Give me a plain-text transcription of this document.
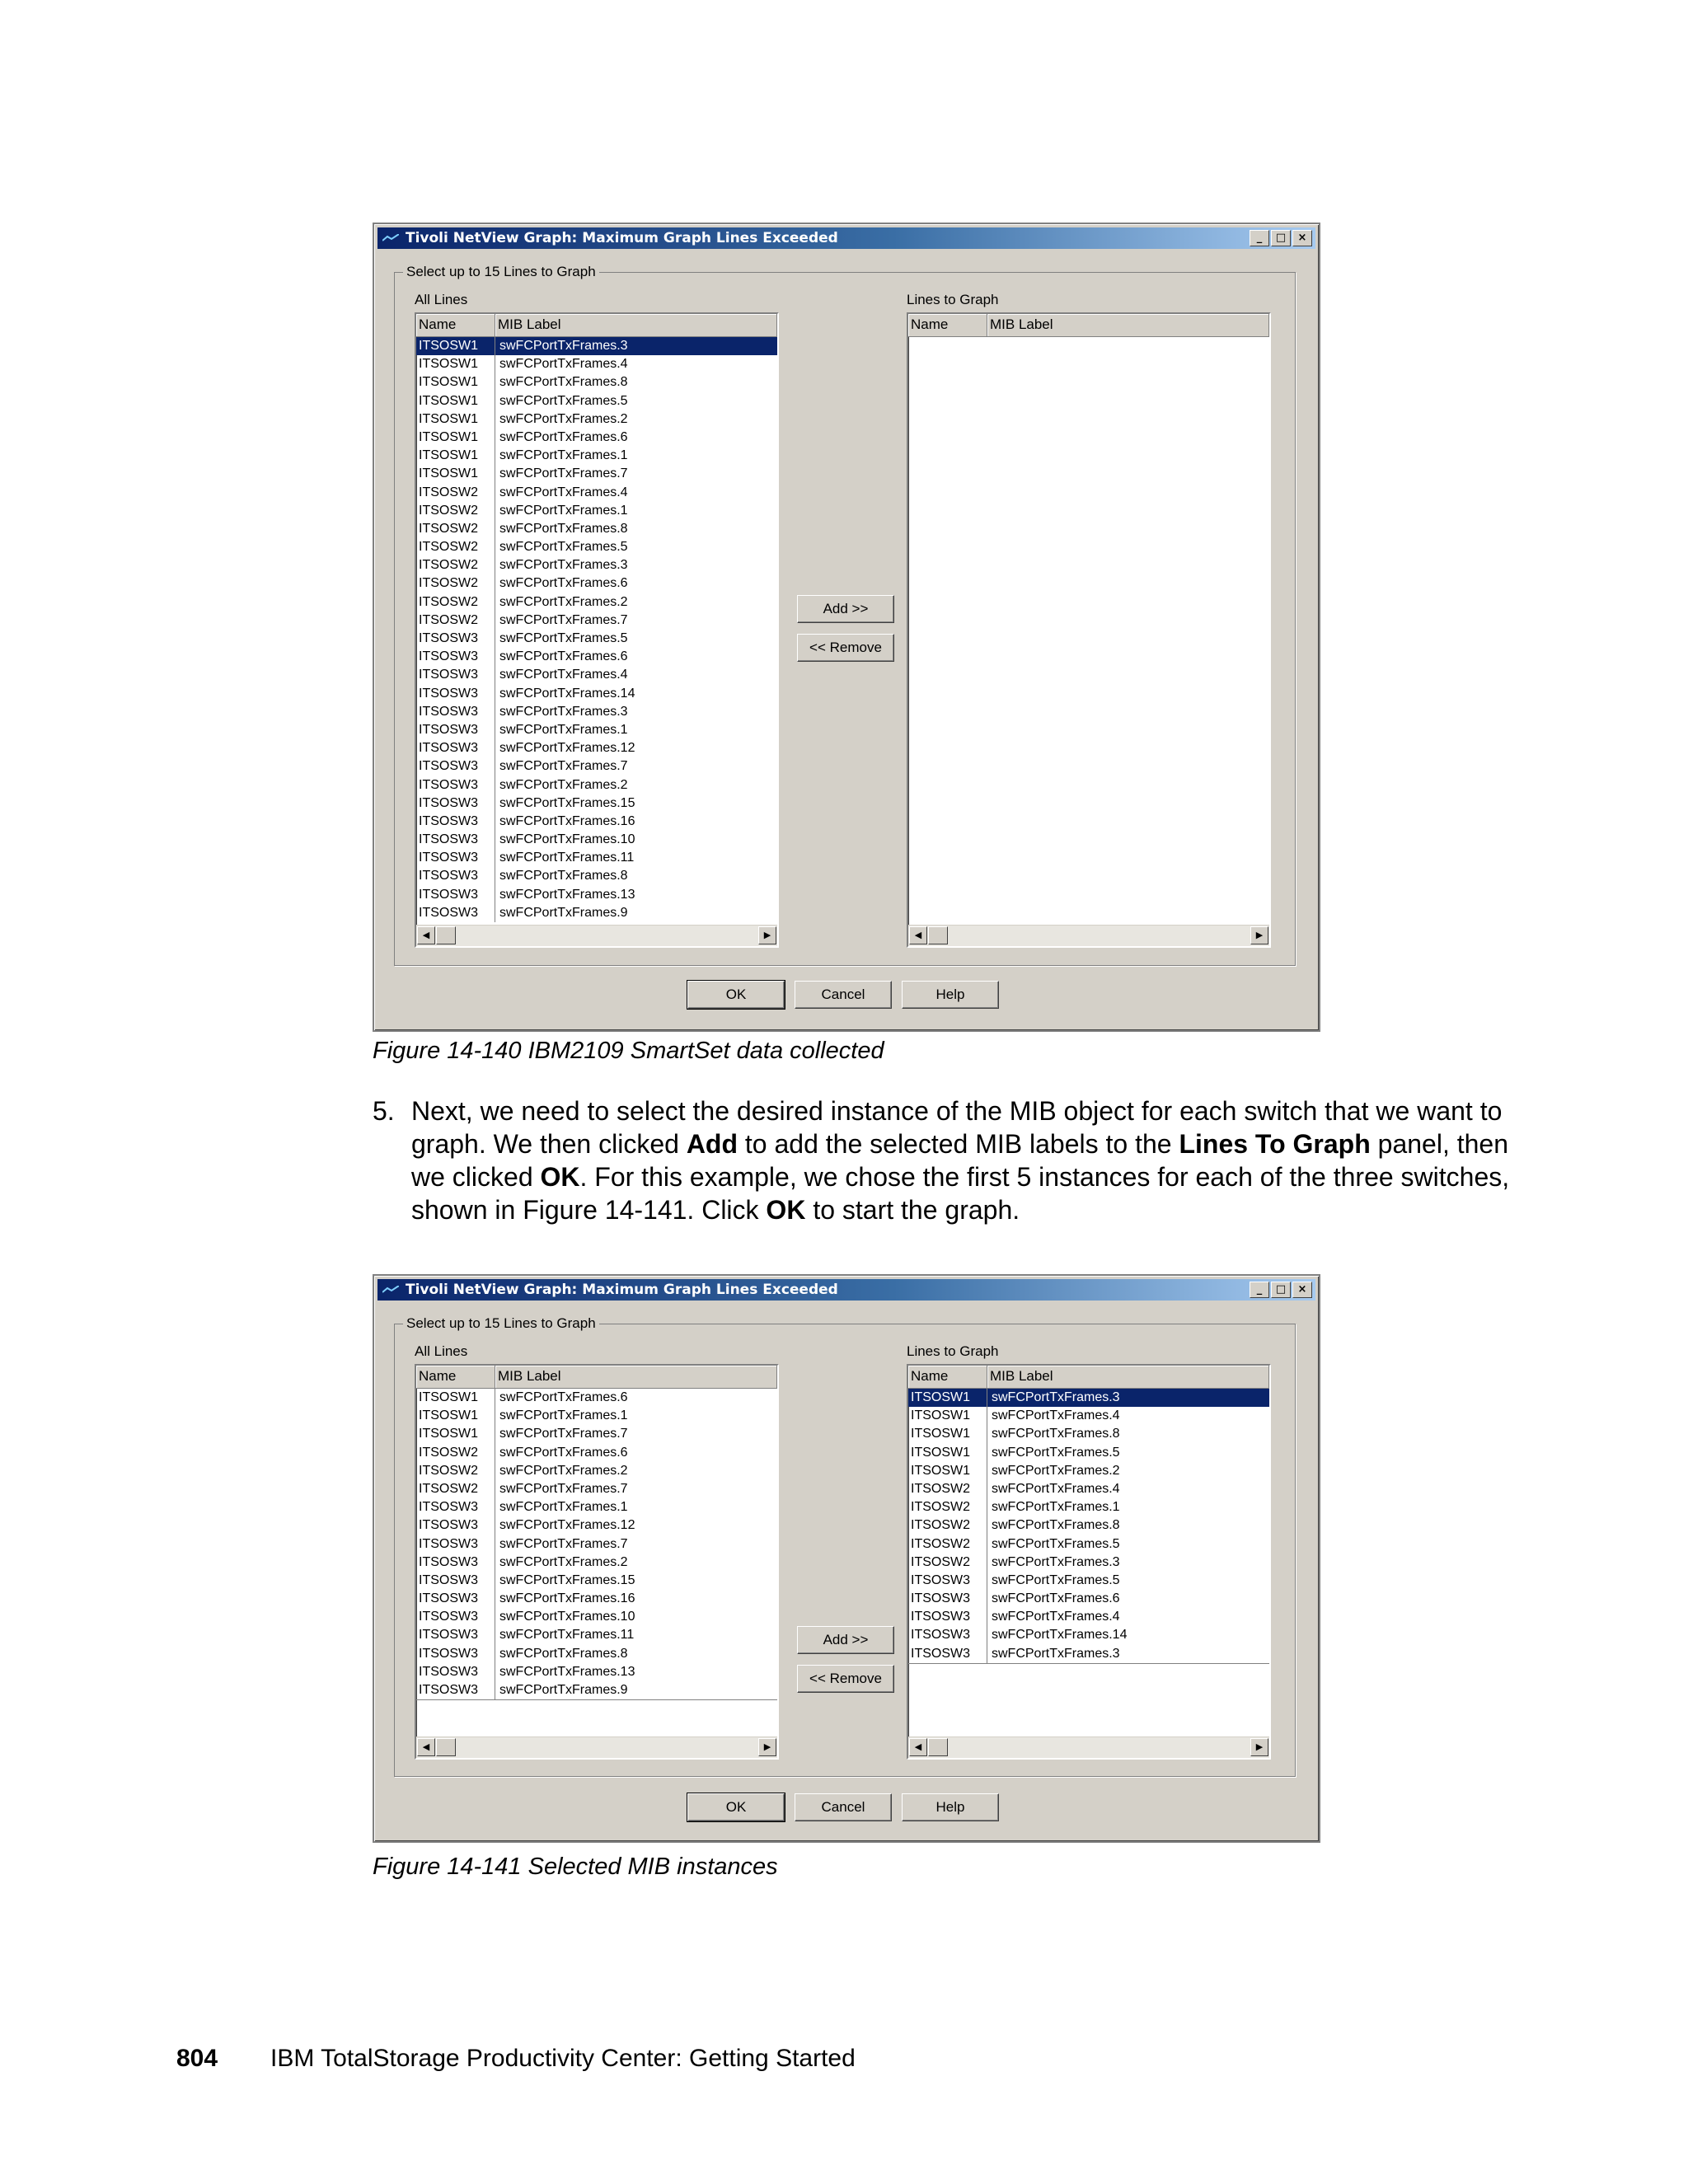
Tivoli NetView Graph: Maximum Graph Lines Exceeded	_	□	×
Select up to 15 Lines to Graph
All Lines	Lines to Graph
Name	MIB Label
ITSOSW1	swFCPortTxFrames.3
ITSOSW1	swFCPortTxFrames.4
ITSOSW1	swFCPortTxFrames.8
ITSOSW1	swFCPortTxFrames.5
ITSOSW1	swFCPortTxFrames.2
ITSOSW1	swFCPortTxFrames.6
ITSOSW1	swFCPortTxFrames.1
ITSOSW1	swFCPortTxFrames.7
ITSOSW2	swFCPortTxFrames.4
ITSOSW2	swFCPortTxFrames.1
ITSOSW2	swFCPortTxFrames.8
ITSOSW2	swFCPortTxFrames.5
ITSOSW2	swFCPortTxFrames.3
ITSOSW2	swFCPortTxFrames.6
ITSOSW2	swFCPortTxFrames.2
ITSOSW2	swFCPortTxFrames.7
ITSOSW3	swFCPortTxFrames.5
ITSOSW3	swFCPortTxFrames.6
ITSOSW3	swFCPortTxFrames.4
ITSOSW3	swFCPortTxFrames.14
ITSOSW3	swFCPortTxFrames.3
ITSOSW3	swFCPortTxFrames.1
ITSOSW3	swFCPortTxFrames.12
ITSOSW3	swFCPortTxFrames.7
ITSOSW3	swFCPortTxFrames.2
ITSOSW3	swFCPortTxFrames.15
ITSOSW3	swFCPortTxFrames.16
ITSOSW3	swFCPortTxFrames.10
ITSOSW3	swFCPortTxFrames.11
ITSOSW3	swFCPortTxFrames.8
ITSOSW3	swFCPortTxFrames.13
ITSOSW3	swFCPortTxFrames.9
◀	▶
Add >>
<< Remove
Name	MIB Label
◀	▶
OK	Cancel	Help
Figure 14-140 IBM2109 SmartSet data collected
5. Next, we need to select the desired instance of the MIB object for each switch that we want to graph. We then clicked Add to add the selected MIB labels to the Lines To Graph panel, then we clicked OK. For this example, we chose the first 5 instances for each of the three switches, shown in Figure 14-141. Click OK to start the graph.
Tivoli NetView Graph: Maximum Graph Lines Exceeded	_	□	×
Select up to 15 Lines to Graph
All Lines	Lines to Graph
Name	MIB Label
ITSOSW1	swFCPortTxFrames.6
ITSOSW1	swFCPortTxFrames.1
ITSOSW1	swFCPortTxFrames.7
ITSOSW2	swFCPortTxFrames.6
ITSOSW2	swFCPortTxFrames.2
ITSOSW2	swFCPortTxFrames.7
ITSOSW3	swFCPortTxFrames.1
ITSOSW3	swFCPortTxFrames.12
ITSOSW3	swFCPortTxFrames.7
ITSOSW3	swFCPortTxFrames.2
ITSOSW3	swFCPortTxFrames.15
ITSOSW3	swFCPortTxFrames.16
ITSOSW3	swFCPortTxFrames.10
ITSOSW3	swFCPortTxFrames.11
ITSOSW3	swFCPortTxFrames.8
ITSOSW3	swFCPortTxFrames.13
ITSOSW3	swFCPortTxFrames.9
◀	▶
Add >>
<< Remove
Name	MIB Label
ITSOSW1	swFCPortTxFrames.3
ITSOSW1	swFCPortTxFrames.4
ITSOSW1	swFCPortTxFrames.8
ITSOSW1	swFCPortTxFrames.5
ITSOSW1	swFCPortTxFrames.2
ITSOSW2	swFCPortTxFrames.4
ITSOSW2	swFCPortTxFrames.1
ITSOSW2	swFCPortTxFrames.8
ITSOSW2	swFCPortTxFrames.5
ITSOSW2	swFCPortTxFrames.3
ITSOSW3	swFCPortTxFrames.5
ITSOSW3	swFCPortTxFrames.6
ITSOSW3	swFCPortTxFrames.4
ITSOSW3	swFCPortTxFrames.14
ITSOSW3	swFCPortTxFrames.3
◀	▶
OK	Cancel	Help
Figure 14-141 Selected MIB instances
804 IBM TotalStorage Productivity Center: Getting Started
